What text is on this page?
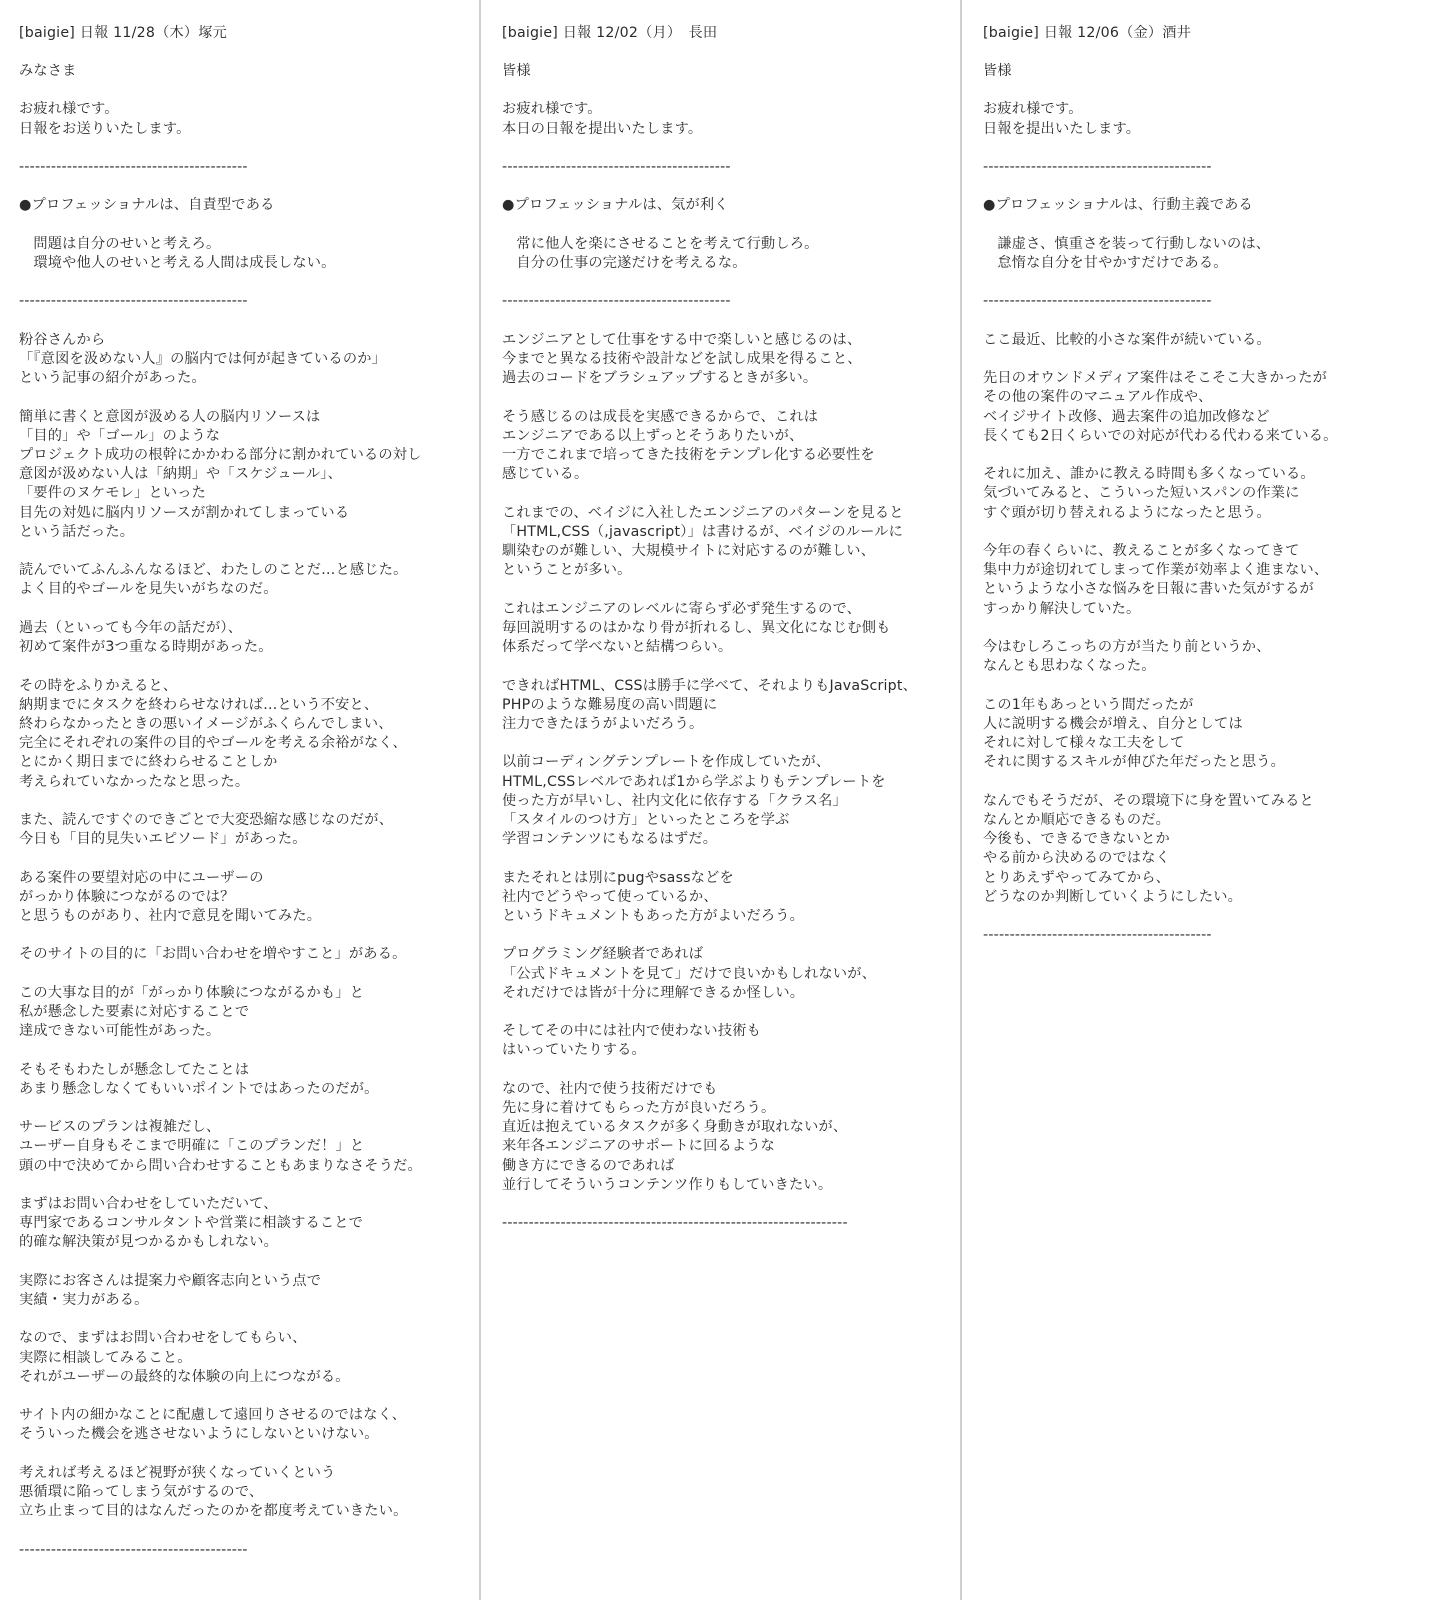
[baigie] 日報 11/28（木）塚元
みなさま

お疲れ様です。
日報をお送りいたします。

-------------------------------------------

●プロフェッショナルは、自責型である

　問題は自分のせいと考えろ。
　環境や他人のせいと考える人間は成長しない。

-------------------------------------------

粉谷さんから
「『意図を汲めない人』の脳内では何が起きているのか」
という記事の紹介があった。

簡単に書くと意図が汲める人の脳内リソースは
「目的」や「ゴール」のような
プロジェクト成功の根幹にかかわる部分に割かれているの対し
意図が汲めない人は「納期」や「スケジュール」、
「要件のヌケモレ」といった
目先の対処に脳内リソースが割かれてしまっている
という話だった。

読んでいてふんふんなるほど、わたしのことだ…と感じた。
よく目的やゴールを見失いがちなのだ。

過去（といっても今年の話だが）、
初めて案件が3つ重なる時期があった。

その時をふりかえると、
納期までにタスクを終わらせなければ…という不安と、
終わらなかったときの悪いイメージがふくらんでしまい、
完全にそれぞれの案件の目的やゴールを考える余裕がなく、
とにかく期日までに終わらせることしか
考えられていなかったなと思った。

また、読んですぐのできごとで大変恐縮な感じなのだが、
今日も「目的見失いエピソード」があった。

ある案件の要望対応の中にユーザーの
がっかり体験につながるのでは？
と思うものがあり、社内で意見を聞いてみた。

そのサイトの目的に「お問い合わせを増やすこと」がある。

この大事な目的が「がっかり体験につながるかも」と
私が懸念した要素に対応することで
達成できない可能性があった。

そもそもわたしが懸念してたことは
あまり懸念しなくてもいいポイントではあったのだが。

サービスのプランは複雑だし、
ユーザー自身もそこまで明確に「このプランだ！」と
頭の中で決めてから問い合わせすることもあまりなさそうだ。

まずはお問い合わせをしていただいて、
専門家であるコンサルタントや営業に相談することで
的確な解決策が見つかるかもしれない。

実際にお客さんは提案力や顧客志向という点で
実績・実力がある。

なので、まずはお問い合わせをしてもらい、
実際に相談してみること。
それがユーザーの最終的な体験の向上につながる。

サイト内の細かなことに配慮して遠回りさせるのではなく、
そういった機会を逃させないようにしないといけない。

考えれば考えるほど視野が狭くなっていくという
悪循環に陥ってしまう気がするので、
立ち止まって目的はなんだったのかを都度考えていきたい。

-------------------------------------------
[baigie] 日報 12/02（月）　長田
皆様

お疲れ様です。
本日の日報を提出いたします。

-------------------------------------------

●プロフェッショナルは、気が利く

　常に他人を楽にさせることを考えて行動しろ。
　自分の仕事の完遂だけを考えるな。

-------------------------------------------

エンジニアとして仕事をする中で楽しいと感じるのは、
今までと異なる技術や設計などを試し成果を得ること、
過去のコードをブラシュアップするときが多い。

そう感じるのは成長を実感できるからで、これは
エンジニアである以上ずっとそうありたいが、
一方でこれまで培ってきた技術をテンプレ化する必要性を
感じている。

これまでの、ベイジに入社したエンジニアのパターンを見ると
「HTML,CSS（,javascript）」は書けるが、ベイジのルールに
馴染むのが難しい、大規模サイトに対応するのが難しい、
ということが多い。

これはエンジニアのレベルに寄らず必ず発生するので、
毎回説明するのはかなり骨が折れるし、異文化になじむ側も
体系だって学べないと結構つらい。

できればHTML、CSSは勝手に学べて、それよりもJavaScript、
PHPのような難易度の高い問題に
注力できたほうがよいだろう。

以前コーディングテンプレートを作成していたが、
HTML,CSSレベルであれば1から学ぶよりもテンプレートを
使った方が早いし、社内文化に依存する「クラス名」
「スタイルのつけ方」といったところを学ぶ
学習コンテンツにもなるはずだ。

またそれとは別にpugやsassなどを
社内でどうやって使っているか、
というドキュメントもあった方がよいだろう。

プログラミング経験者であれば
「公式ドキュメントを見て」だけで良いかもしれないが、
それだけでは皆が十分に理解できるか怪しい。

そしてその中には社内で使わない技術も
はいっていたりする。

なので、社内で使う技術だけでも
先に身に着けてもらった方が良いだろう。
直近は抱えているタスクが多く身動きが取れないが、
来年各エンジニアのサポートに回るような
働き方にできるのであれば
並行してそういうコンテンツ作りもしていきたい。

-----------------------------------------------------------------
[baigie] 日報 12/06（金）酒井
皆様

お疲れ様です。
日報を提出いたします。

-------------------------------------------

●プロフェッショナルは、行動主義である

　謙虚さ、慎重さを装って行動しないのは、
　怠惰な自分を甘やかすだけである。

-------------------------------------------

ここ最近、比較的小さな案件が続いている。

先日のオウンドメディア案件はそこそこ大きかったが
その他の案件のマニュアル作成や、
ベイジサイト改修、過去案件の追加改修など
長くても2日くらいでの対応が代わる代わる来ている。

それに加え、誰かに教える時間も多くなっている。
気づいてみると、こういった短いスパンの作業に
すぐ頭が切り替えれるようになったと思う。

今年の春くらいに、教えることが多くなってきて
集中力が途切れてしまって作業が効率よく進まない、
というような小さな悩みを日報に書いた気がするが
すっかり解決していた。

今はむしろこっちの方が当たり前というか、
なんとも思わなくなった。

この1年もあっという間だったが
人に説明する機会が増え、自分としては
それに対して様々な工夫をして
それに関するスキルが伸びた年だったと思う。

なんでもそうだが、その環境下に身を置いてみると
なんとか順応できるものだ。
今後も、できるできないとか
やる前から決めるのではなく
とりあえずやってみてから、
どうなのか判断していくようにしたい。

-------------------------------------------
